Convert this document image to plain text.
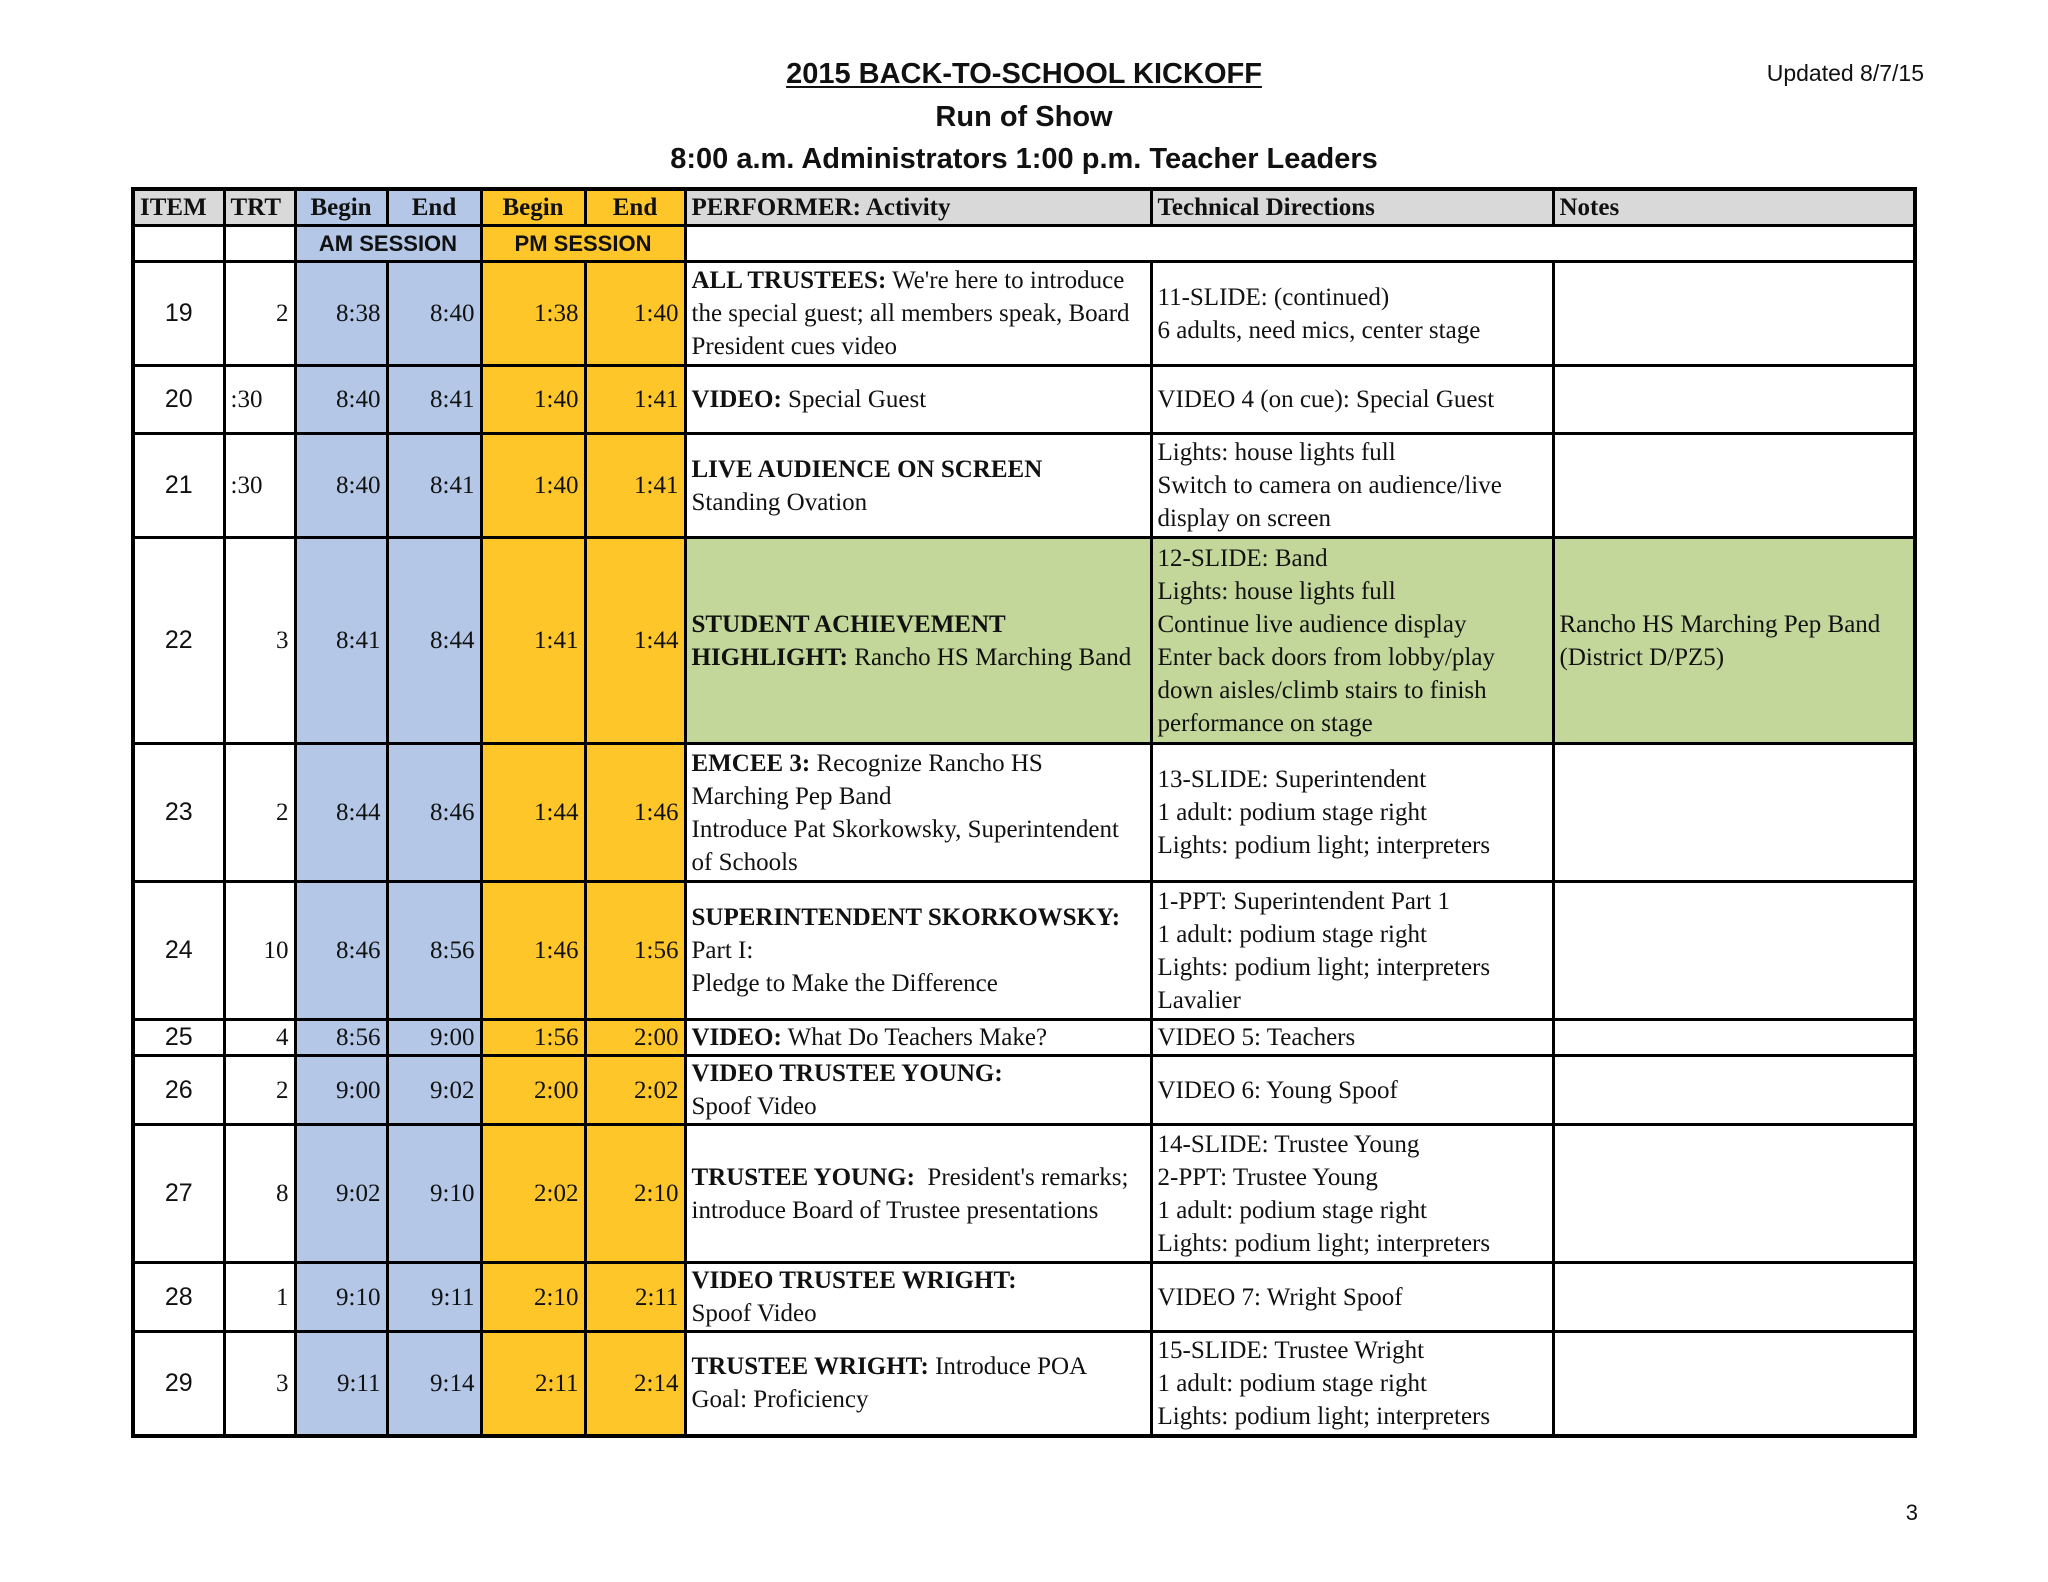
2015 BACK-TO-SCHOOL KICKOFF
Run of Show
8:00 a.m. Administrators 1:00 p.m. Teacher Leaders
Updated 8/7/15
ITEM	TRT	Begin	End	Begin	End	PERFORMER: Activity	Technical Directions	Notes
		AM SESSION		PM SESSION				
19	2	8:38	8:40	1:38	1:40	ALL TRUSTEES: We're here to introduce the special guest; all members speak, Board President cues video	11-SLIDE: (continued)
6 adults, need mics, center stage	

20	:30	8:40	8:41	1:40	1:41	VIDEO: Special Guest	VIDEO 4 (on cue): Special Guest	

21	:30	8:40	8:41	1:40	1:41	LIVE AUDIENCE ON SCREEN
Standing Ovation	Lights: house lights full
Switch to camera on audience/live display on screen	

22	3	8:41	8:44	1:41	1:44	STUDENT ACHIEVEMENT HIGHLIGHT: Rancho HS Marching Band	12-SLIDE: Band
Lights: house lights full
Continue live audience display
Enter back doors from lobby/play down aisles/climb stairs to finish performance on stage	Rancho HS Marching Pep Band (District D/PZ5)
23	2	8:44	8:46	1:44	1:46	EMCEE 3: Recognize Rancho HS Marching Pep Band
Introduce Pat Skorkowsky, Superintendent of Schools	13-SLIDE: Superintendent
1 adult: podium stage right
Lights: podium light; interpreters	

24	10	8:46	8:56	1:46	1:56	SUPERINTENDENT SKORKOWSKY:
Part I:
Pledge to Make the Difference	1-PPT: Superintendent Part 1
1 adult: podium stage right
Lights: podium light; interpreters
Lavalier	

25	4	8:56	9:00	1:56	2:00	VIDEO: What Do Teachers Make?	VIDEO 5: Teachers	

26	2	9:00	9:02	2:00	2:02	VIDEO TRUSTEE YOUNG:
Spoof Video	VIDEO 6: Young Spoof	

27	8	9:02	9:10	2:02	2:10	TRUSTEE YOUNG:  President's remarks; introduce Board of Trustee presentations	14-SLIDE: Trustee Young
2-PPT: Trustee Young
1 adult: podium stage right
Lights: podium light; interpreters	

28	1	9:10	9:11	2:10	2:11	VIDEO TRUSTEE WRIGHT:
Spoof Video	VIDEO 7: Wright Spoof	

29	3	9:11	9:14	2:11	2:14	TRUSTEE WRIGHT: Introduce POA
Goal: Proficiency	15-SLIDE: Trustee Wright
1 adult: podium stage right
Lights: podium light; interpreters	

3
